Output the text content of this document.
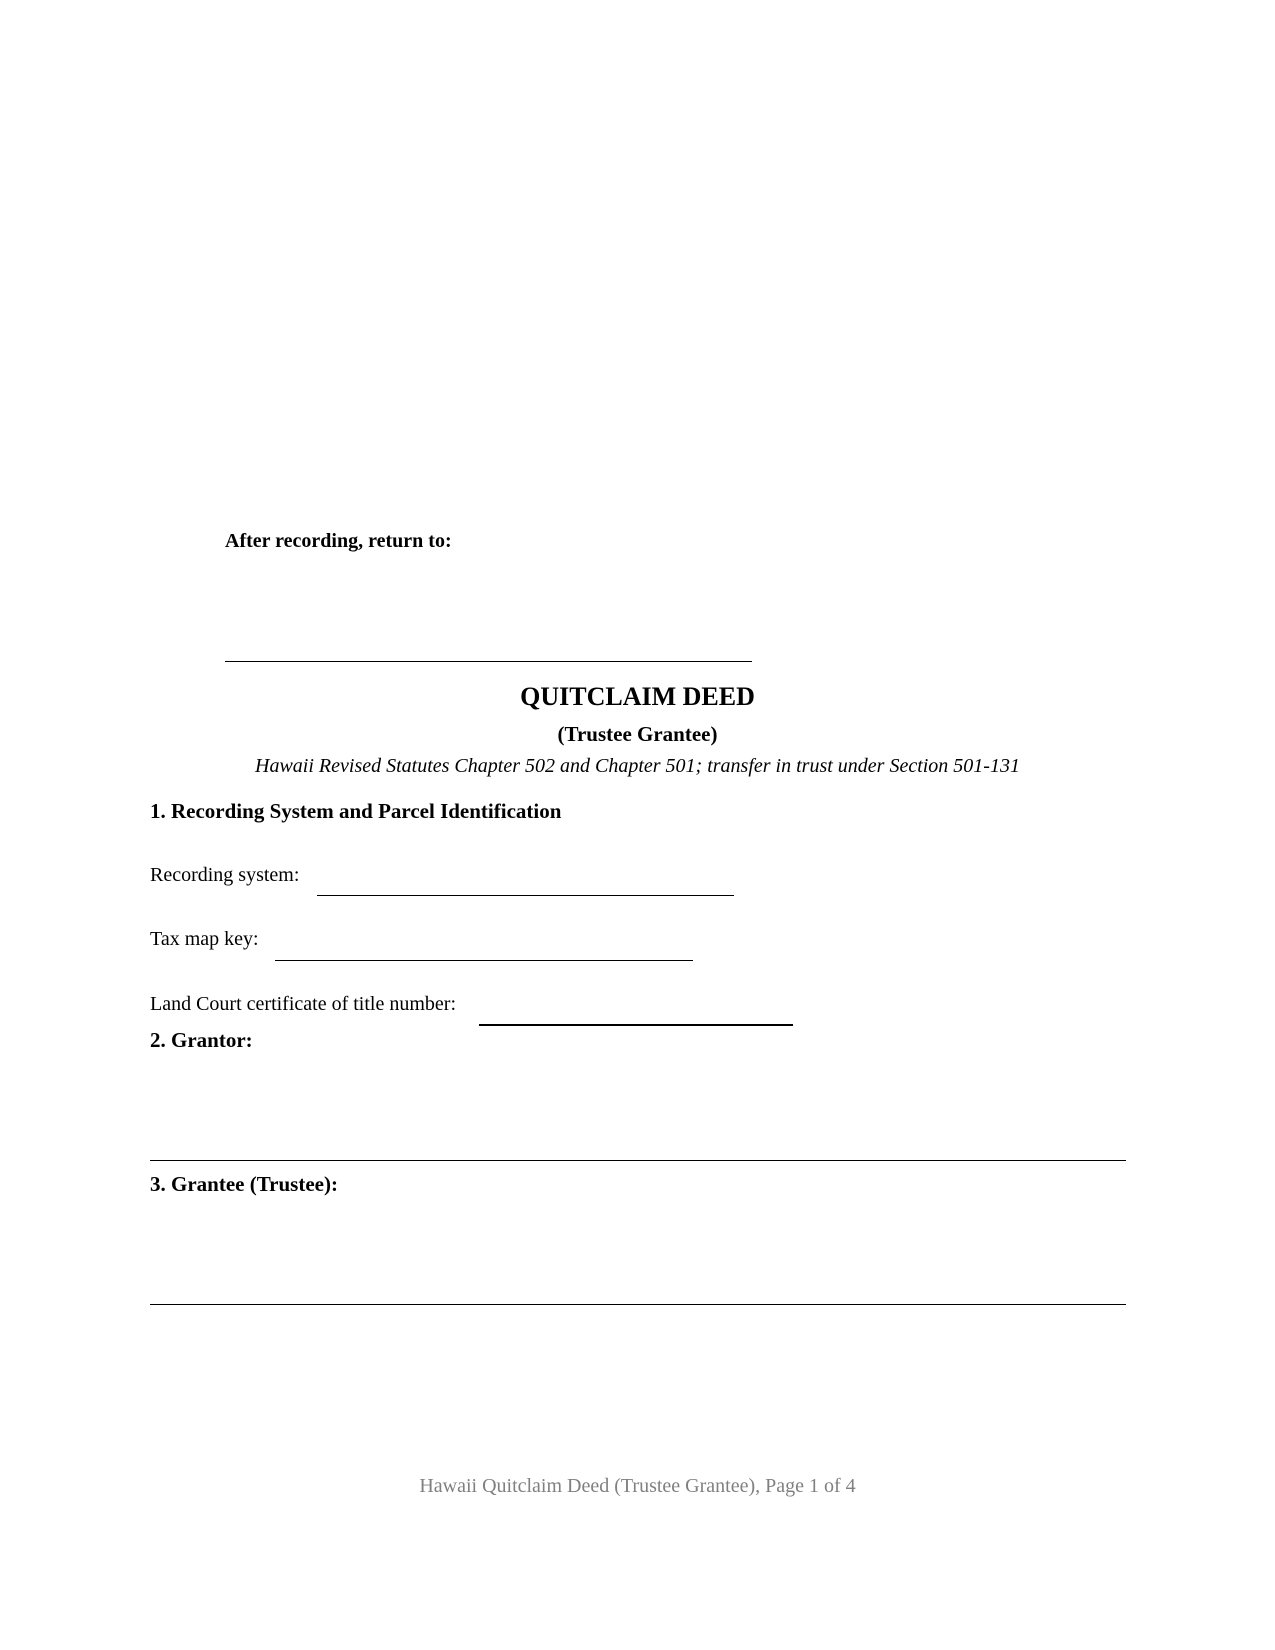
After recording, return to:
QUITCLAIM DEED
(Trustee Grantee)
Hawaii Revised Statutes Chapter 502 and Chapter 501; transfer in trust under Section 501-131
1. Recording System and Parcel Identification
Recording system:
Tax map key:
Land Court certificate of title number:
2. Grantor:
3. Grantee (Trustee):
Hawaii Quitclaim Deed (Trustee Grantee), Page 1 of 4
